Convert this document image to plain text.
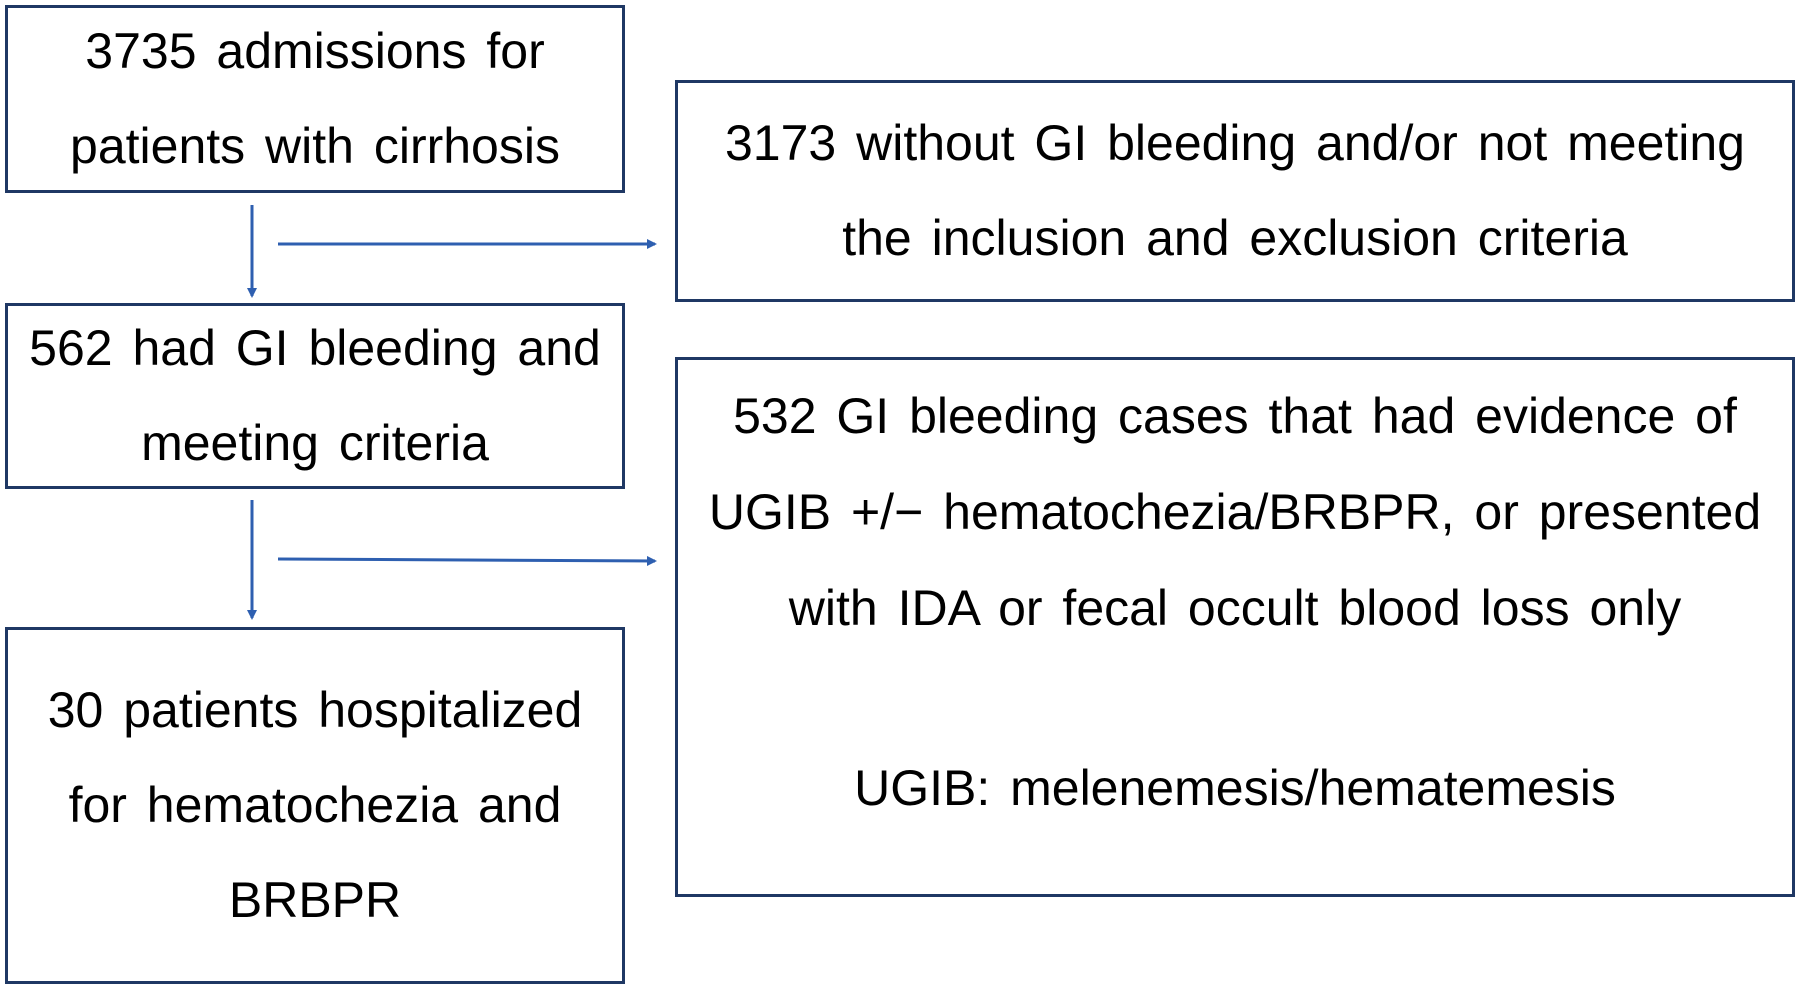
3735 admissions for
patients with cirrhosis	3173 without GI bleeding and/or not meeting
the inclusion and exclusion criteria
562 had GI bleeding and
meeting criteria	532 GI bleeding cases that had evidence of
UGIB +/− hematochezia/BRBPR, or presented
with IDA or fecal occult blood loss only
UGIB: melenemesis/hematemesis
30 patients hospitalized
for hematochezia and
BRBPR
